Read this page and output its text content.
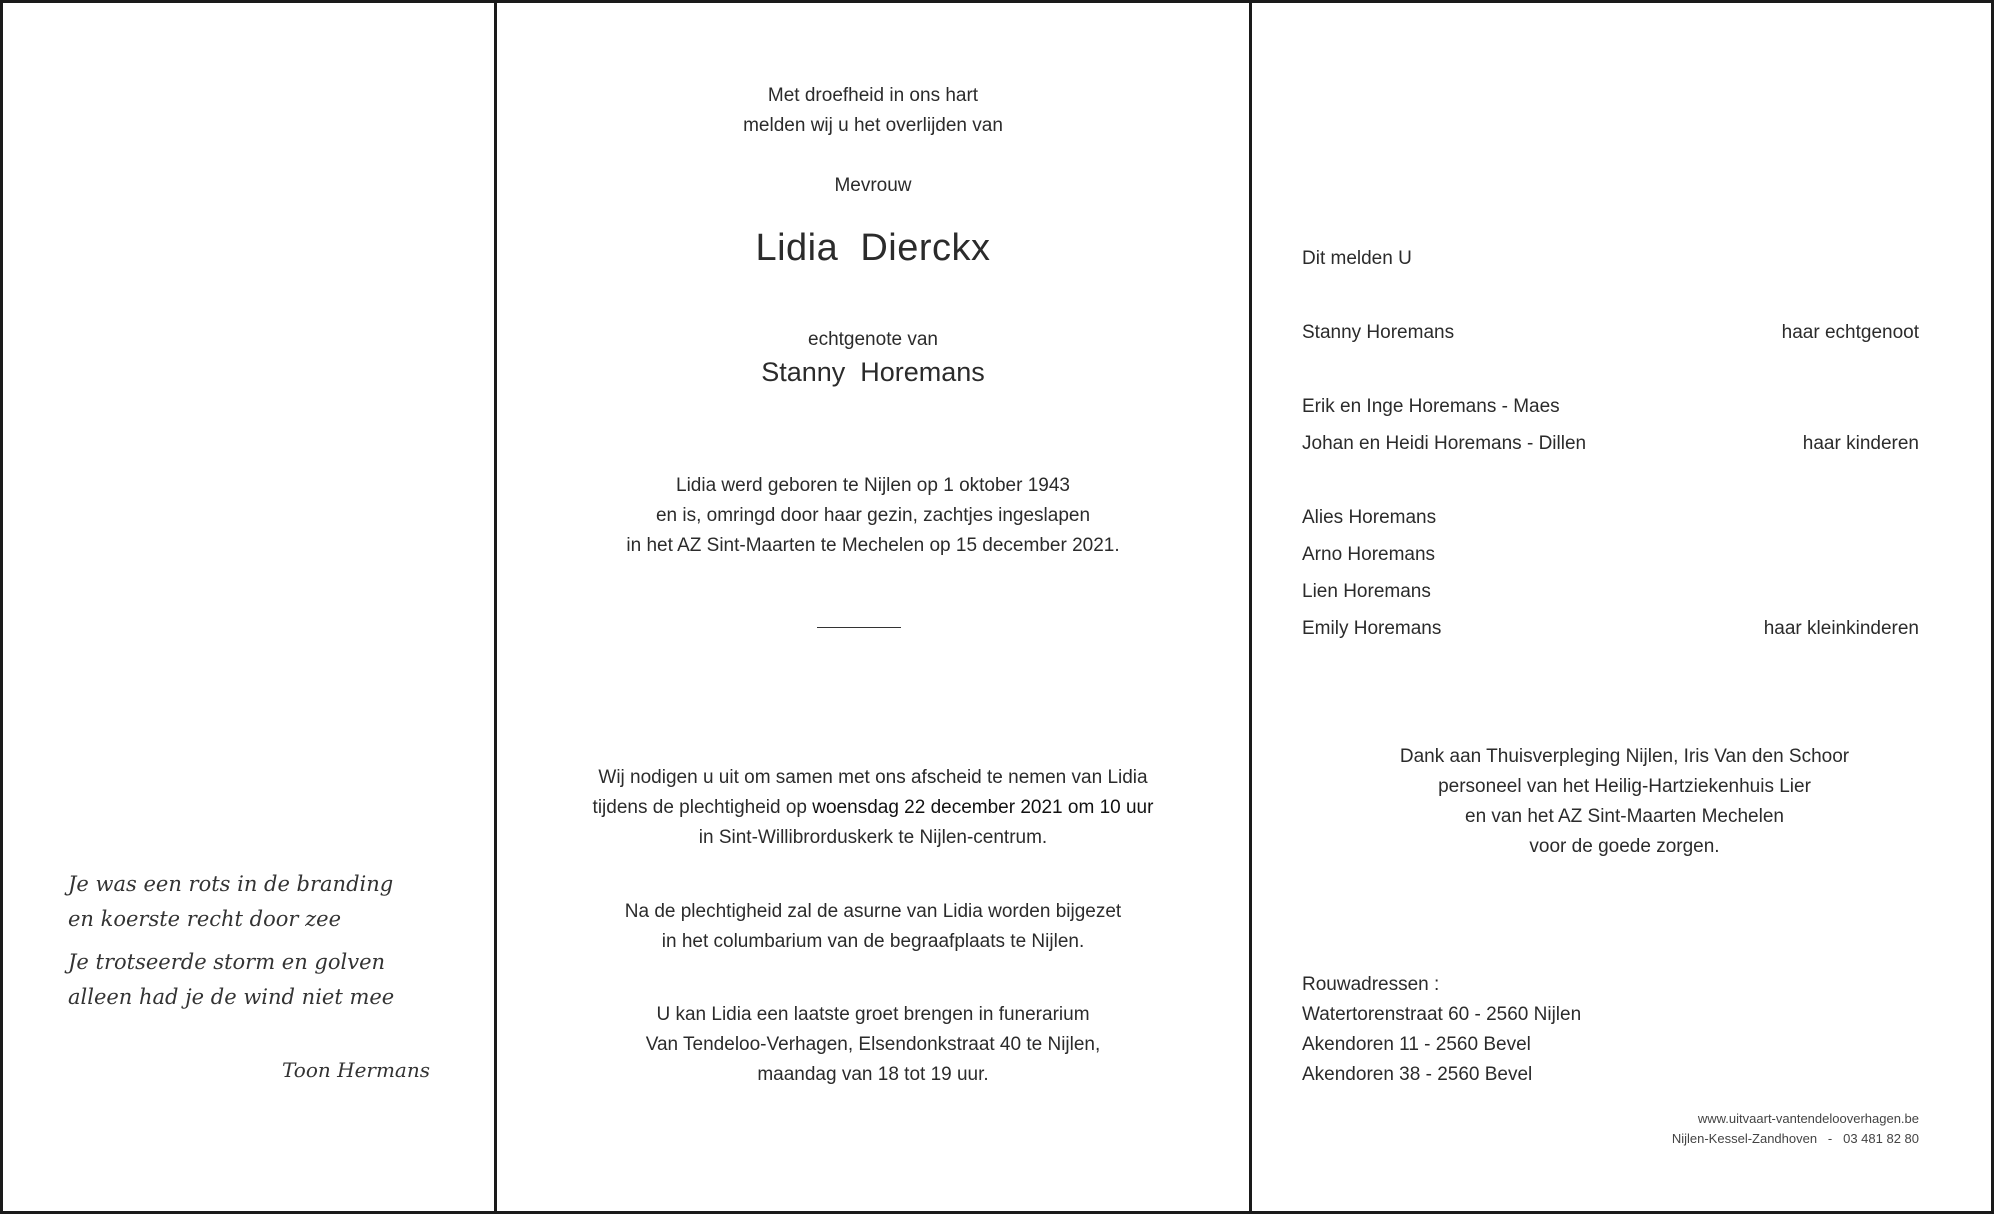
Je was een rots in de branding
en koerste recht door zee
Je trotseerde storm en golven
alleen had je de wind niet mee
Toon Hermans
Met droefheid in ons hart
melden wij u het overlijden van
Mevrouw
Lidia  Dierckx
echtgenote van
Stanny  Horemans
Lidia werd geboren te Nijlen op 1 oktober 1943
en is, omringd door haar gezin, zachtjes ingeslapen
in het AZ Sint-Maarten te Mechelen op 15 december 2021.
Wij nodigen u uit om samen met ons afscheid te nemen van Lidia
tijdens de plechtigheid op woensdag 22 december 2021 om 10 uur
in Sint-Willibrorduskerk te Nijlen-centrum.
Na de plechtigheid zal de asurne van Lidia worden bijgezet
in het columbarium van de begraafplaats te Nijlen.
U kan Lidia een laatste groet brengen in funerarium
Van Tendeloo-Verhagen, Elsendonkstraat 40 te Nijlen,
maandag van 18 tot 19 uur.
Dit melden U
Stanny Horemans	haar echtgenoot
Erik en Inge Horemans - Maes
Johan en Heidi Horemans - Dillen	haar kinderen
Alies Horemans
Arno Horemans
Lien Horemans
Emily Horemans	haar kleinkinderen
Dank aan Thuisverpleging Nijlen, Iris Van den Schoor
personeel van het Heilig-Hartziekenhuis Lier
en van het AZ Sint-Maarten Mechelen
voor de goede zorgen.
Rouwadressen :
Watertorenstraat 60 - 2560 Nijlen
Akendoren 11 - 2560 Bevel
Akendoren 38 - 2560 Bevel
www.uitvaart-vantendelooverhagen.be
Nijlen-Kessel-Zandhoven   -   03 481 82 80
